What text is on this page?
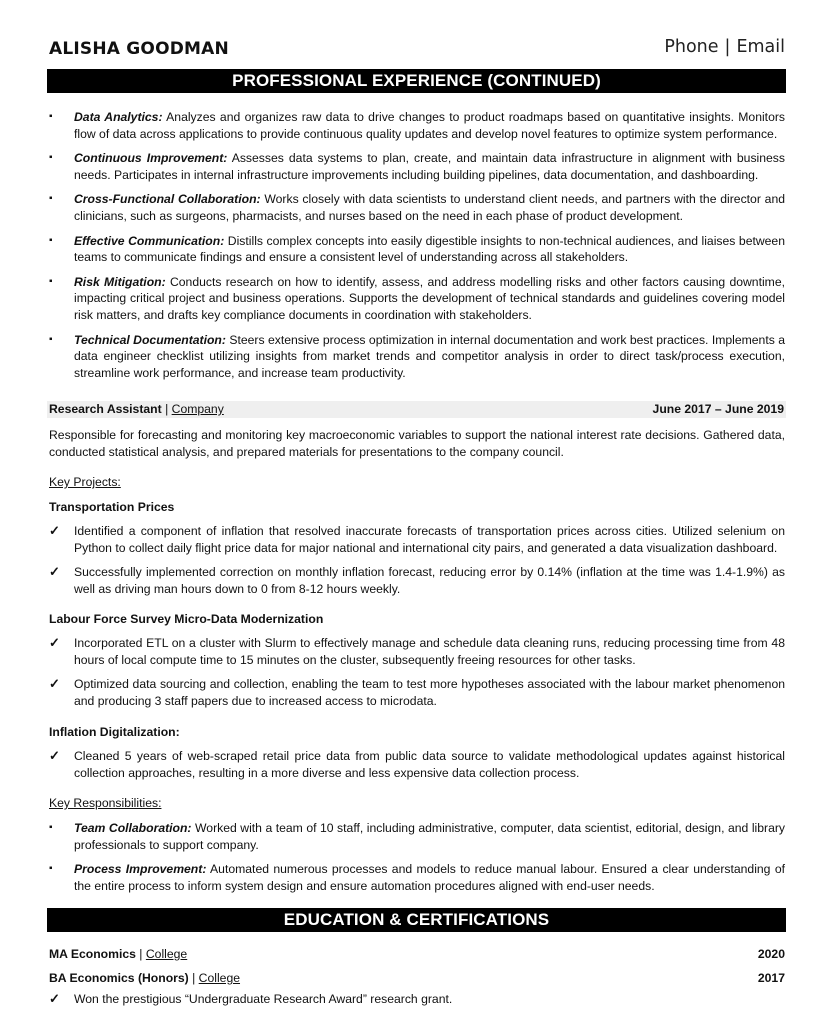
ALISHA GOODMAN	Phone | Email
PROFESSIONAL EXPERIENCE (CONTINUED)
▪	Data Analytics: Analyzes and organizes raw data to drive changes to product roadmaps based on quantitative insights. Monitors flow of data across applications to provide continuous quality updates and develop novel features to optimize system performance.
▪	Continuous Improvement: Assesses data systems to plan, create, and maintain data infrastructure in alignment with business needs. Participates in internal infrastructure improvements including building pipelines, data documentation, and dashboarding.
▪	Cross-Functional Collaboration: Works closely with data scientists to understand client needs, and partners with the director and clinicians, such as surgeons, pharmacists, and nurses based on the need in each phase of product development.
▪	Effective Communication: Distills complex concepts into easily digestible insights to non-technical audiences, and liaises between teams to communicate findings and ensure a consistent level of understanding across all stakeholders.
▪	Risk Mitigation: Conducts research on how to identify, assess, and address modelling risks and other factors causing downtime, impacting critical project and business operations. Supports the development of technical standards and guidelines covering model risk matters, and drafts key compliance documents in coordination with stakeholders.
▪	Technical Documentation: Steers extensive process optimization in internal documentation and work best practices. Implements a data engineer checklist utilizing insights from market trends and competitor analysis in order to direct task/process execution, streamline work performance, and increase team productivity.
Research Assistant | Company	June 2017 – June 2019
Responsible for forecasting and monitoring key macroeconomic variables to support the national interest rate decisions. Gathered data, conducted statistical analysis, and prepared materials for presentations to the company council.
Key Projects:
Transportation Prices
✓ Identified a component of inflation that resolved inaccurate forecasts of transportation prices across cities. Utilized selenium on Python to collect daily flight price data for major national and international city pairs, and generated a data visualization dashboard.
✓ Successfully implemented correction on monthly inflation forecast, reducing error by 0.14% (inflation at the time was 1.4-1.9%) as well as driving man hours down to 0 from 8-12 hours weekly.
Labour Force Survey Micro-Data Modernization
✓ Incorporated ETL on a cluster with Slurm to effectively manage and schedule data cleaning runs, reducing processing time from 48 hours of local compute time to 15 minutes on the cluster, subsequently freeing resources for other tasks.
✓ Optimized data sourcing and collection, enabling the team to test more hypotheses associated with the labour market phenomenon and producing 3 staff papers due to increased access to microdata.
Inflation Digitalization:
✓ Cleaned 5 years of web-scraped retail price data from public data source to validate methodological updates against historical collection approaches, resulting in a more diverse and less expensive data collection process.
Key Responsibilities:
▪	Team Collaboration: Worked with a team of 10 staff, including administrative, computer, data scientist, editorial, design, and library professionals to support company.
▪	Process Improvement: Automated numerous processes and models to reduce manual labour. Ensured a clear understanding of the entire process to inform system design and ensure automation procedures aligned with end-user needs.
EDUCATION & CERTIFICATIONS
MA Economics | College	2020
BA Economics (Honors) | College	2017
✓ Won the prestigious “Undergraduate Research Award” research grant.
